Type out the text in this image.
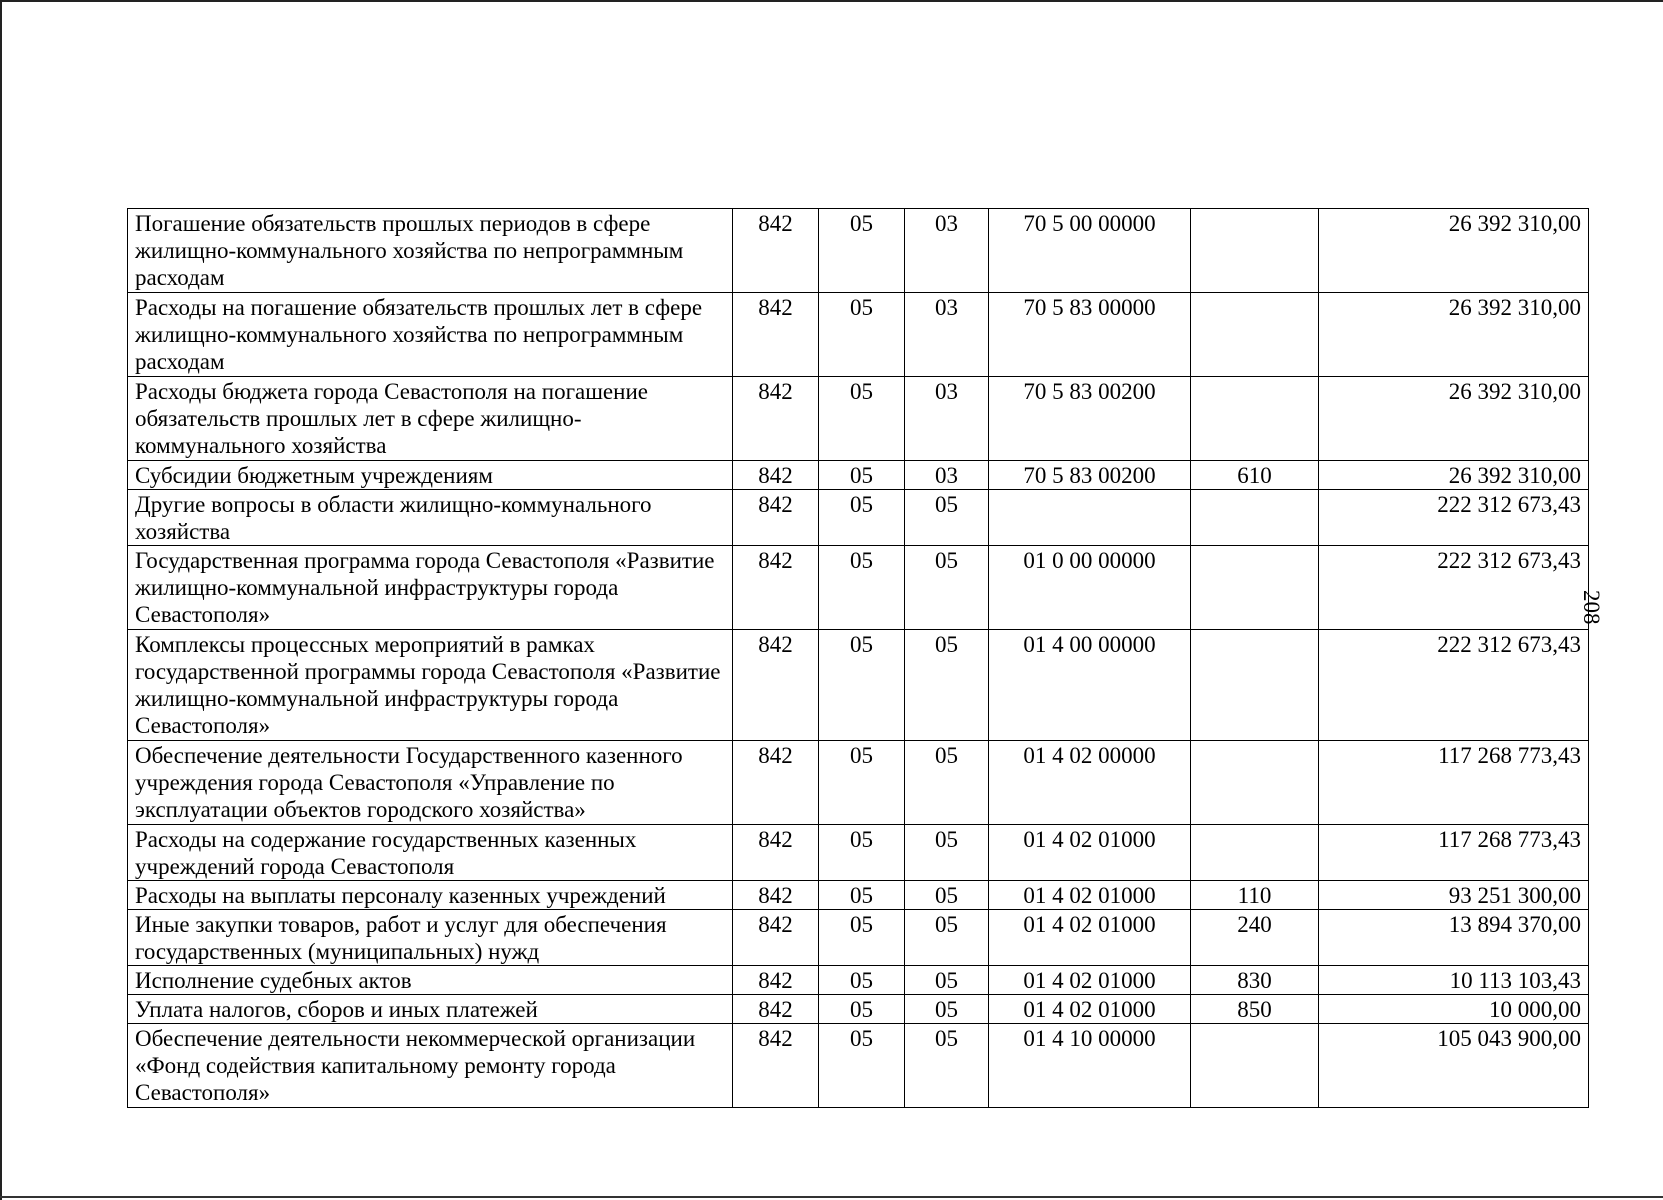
208
Погашение обязательств прошлых периодов в сфере жилищно-коммунального хозяйства по непрограммным расходам	842	05	03	70 5 00 00000		26 392 310,00
Расходы на погашение обязательств прошлых лет в сфере жилищно-коммунального хозяйства по непрограммным расходам	842	05	03	70 5 83 00000		26 392 310,00
Расходы бюджета города Севастополя на погашение обязательств прошлых лет в сфере жилищно-коммунального хозяйства	842	05	03	70 5 83 00200		26 392 310,00
Субсидии бюджетным учреждениям	842	05	03	70 5 83 00200	610	26 392 310,00
Другие вопросы в области жилищно-коммунального хозяйства	842	05	05			222 312 673,43
Государственная программа города Севастополя «Развитие жилищно-коммунальной инфраструктуры города Севастополя»	842	05	05	01 0 00 00000		222 312 673,43
Комплексы процессных мероприятий в рамках государственной программы города Севастополя «Развитие жилищно-коммунальной инфраструктуры города Севастополя»	842	05	05	01 4 00 00000		222 312 673,43
Обеспечение деятельности Государственного казенного учреждения города Севастополя «Управление по эксплуатации объектов городского хозяйства»	842	05	05	01 4 02 00000		117 268 773,43
Расходы на содержание государственных казенных учреждений города Севастополя	842	05	05	01 4 02 01000		117 268 773,43
Расходы на выплаты персоналу казенных учреждений	842	05	05	01 4 02 01000	110	93 251 300,00
Иные закупки товаров, работ и услуг для обеспечения государственных (муниципальных) нужд	842	05	05	01 4 02 01000	240	13 894 370,00
Исполнение судебных актов	842	05	05	01 4 02 01000	830	10 113 103,43
Уплата налогов, сборов и иных платежей	842	05	05	01 4 02 01000	850	10 000,00
Обеспечение деятельности некоммерческой организации «Фонд содействия капитальному ремонту города Севастополя»	842	05	05	01 4 10 00000		105 043 900,00
